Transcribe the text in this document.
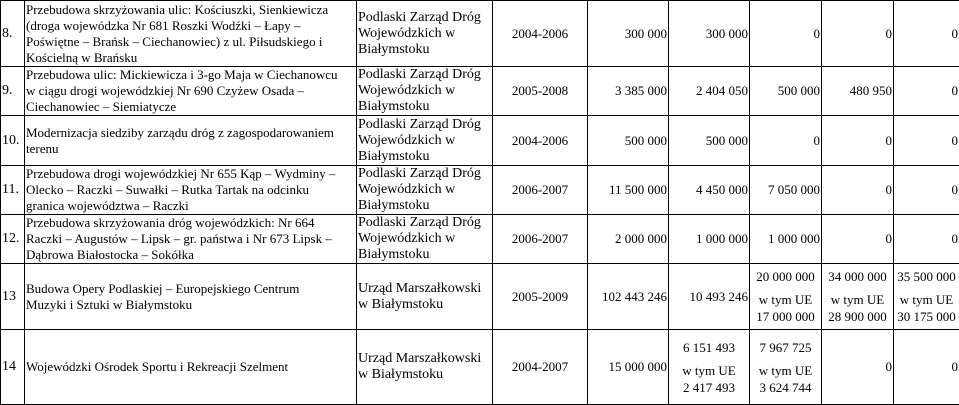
8.	Przebudowa skrzyżowania ulic: Kościuszki, Sienkiewicza
(droga wojewódzka Nr 681 Roszki Wodźki – Łapy –
Poświętne – Brańsk – Ciechanowiec) z ul. Piłsudskiego i
Kościelną w Brańsku	Podlaski Zarząd Dróg
Wojewódzkich w
Białymstoku	2004-2006	300 000	300 000	0	0	0
9.	Przebudowa ulic: Mickiewicza i 3-go Maja w Ciechanowcu
w ciągu drogi wojewódzkiej Nr 690 Czyżew Osada –
Ciechanowiec – Siemiatycze	Podlaski Zarząd Dróg
Wojewódzkich w
Białymstoku	2005-2008	3 385 000	2 404 050	500 000	480 950	0
10.	Modernizacja siedziby zarządu dróg z zagospodarowaniem
terenu	Podlaski Zarząd Dróg
Wojewódzkich w
Białymstoku	2004-2006	500 000	500 000	0	0	0
11.	Przebudowa drogi wojewódzkiej Nr 655 Kąp – Wydminy –
Olecko – Raczki – Suwałki – Rutka Tartak na odcinku
granica województwa – Raczki	Podlaski Zarząd Dróg
Wojewódzkich w
Białymstoku	2006-2007	11 500 000	4 450 000	7 050 000	0	0
12.	Przebudowa skrzyżowania dróg wojewódzkich: Nr 664
Raczki – Augustów – Lipsk – gr. państwa i Nr 673 Lipsk –
Dąbrowa Białostocka – Sokółka	Podlaski Zarząd Dróg
Wojewódzkich w
Białymstoku	2006-2007	2 000 000	1 000 000	1 000 000	0	0
13	Budowa Opery Podlaskiej – Europejskiego Centrum
Muzyki i Sztuki w Białymstoku	Urząd Marszałkowski
w Białymstoku	2005-2009	102 443 246	10 493 246	20 000 000
w tym UE
17 000 000	34 000 000
w tym UE
28 900 000	35 500 000
w tym UE
30 175 000

14	Wojewódzki Ośrodek Sportu i Rekreacji Szelment	Urząd Marszałkowski
w Białymstoku	2004-2007	15 000 000	6 151 493
w tym UE
2 417 493	7 967 725
w tym UE
3 624 744	0	0
